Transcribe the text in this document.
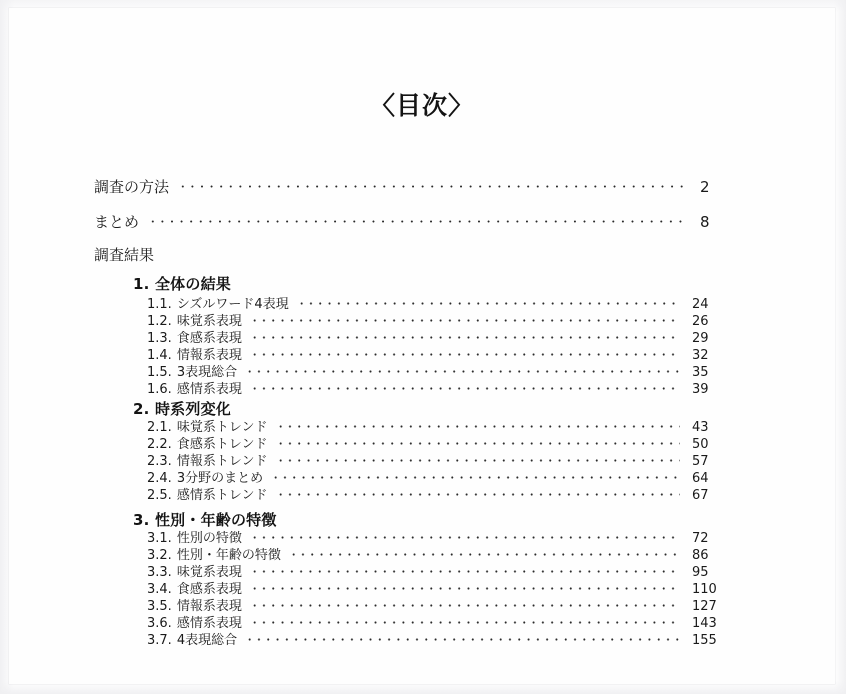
〈目次〉
調査の方法	2
まとめ	8
調査結果
1. 全体の結果
1.1. シズルワード4表現	24
1.2. 味覚系表現	26
1.3. 食感系表現	29
1.4. 情報系表現	32
1.5. 3表現総合	35
1.6. 感情系表現	39
2. 時系列変化
2.1. 味覚系トレンド	43
2.2. 食感系トレンド	50
2.3. 情報系トレンド	57
2.4. 3分野のまとめ	64
2.5. 感情系トレンド	67
3. 性別・年齢の特徴
3.1. 性別の特徴	72
3.2. 性別・年齢の特徴	86
3.3. 味覚系表現	95
3.4. 食感系表現	110
3.5. 情報系表現	127
3.6. 感情系表現	143
3.7. 4表現総合	155
